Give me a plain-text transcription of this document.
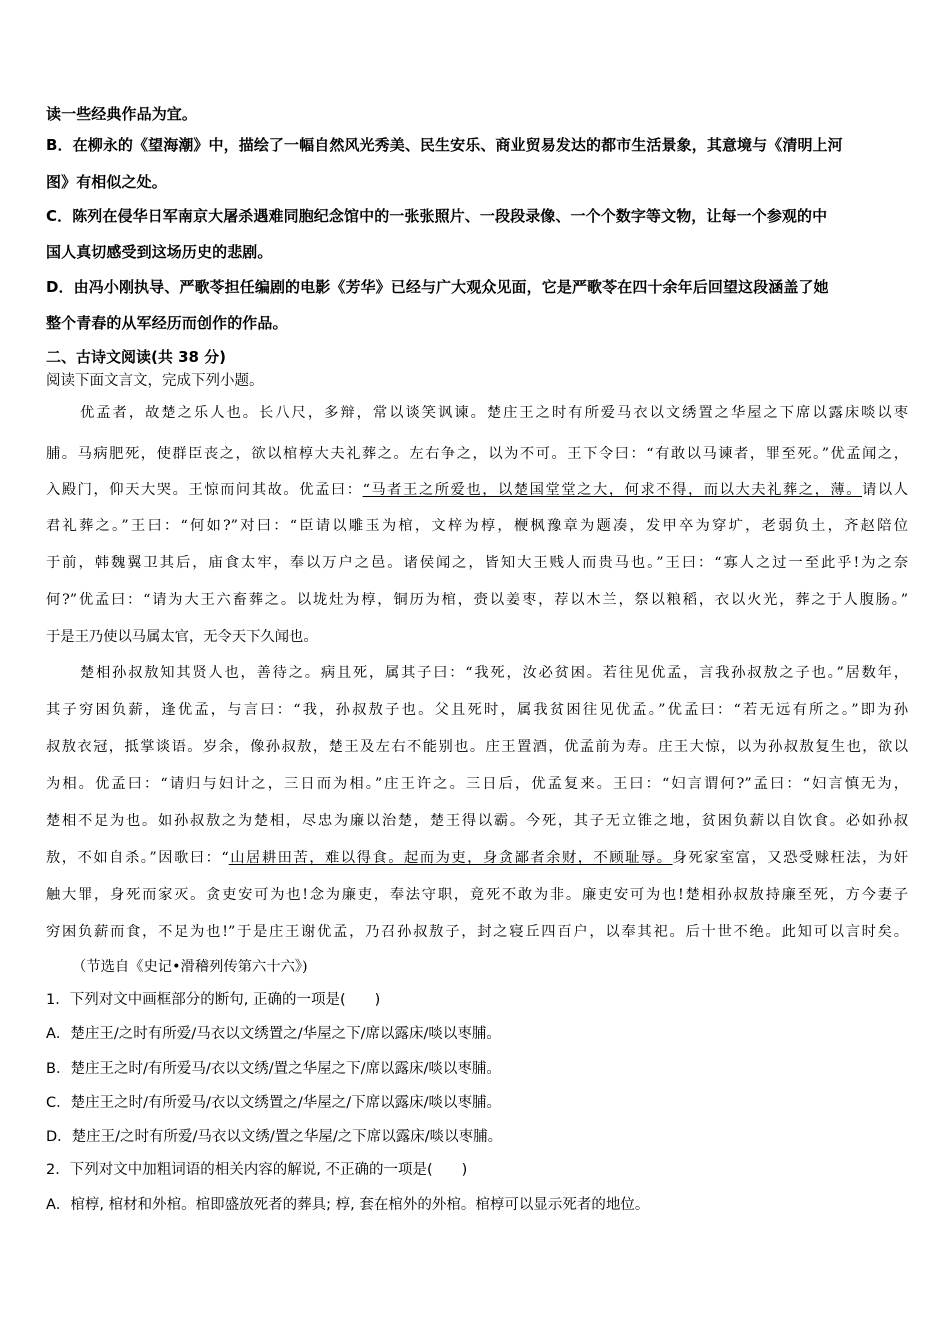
读一些经典作品为宜。
B．在柳永的《望海潮》中，描绘了一幅自然风光秀美、民生安乐、商业贸易发达的都市生活景象，其意境与《清明上河
图》有相似之处。
C．陈列在侵华日军南京大屠杀遇难同胞纪念馆中的一张张照片、一段段录像、一个个数字等文物，让每一个参观的中
国人真切感受到这场历史的悲剧。
D．由冯小刚执导、严歌苓担任编剧的电影《芳华》已经与广大观众见面，它是严歌苓在四十余年后回望这段涵盖了她
整个青春的从军经历而创作的作品。
二、古诗文阅读(共 38 分)
阅读下面文言文，完成下列小题。
优孟者，故楚之乐人也。长八尺，多辩，常以谈笑讽谏。楚庄王之时有所爱马衣以文绣置之华屋之下席以露床啖以枣
脯。马病肥死，使群臣丧之，欲以棺椁大夫礼葬之。左右争之，以为不可。王下令曰：“有敢以马谏者，罪至死。”优孟闻之，
入殿门，仰天大哭。王惊而问其故。优孟曰：“马者王之所爱也，以楚国堂堂之大，何求不得，而以大夫礼葬之，薄。请以人
君礼葬之。”王曰：“何如?”对曰：“臣请以雕玉为棺，文梓为椁，楩枫豫章为题凑，发甲卒为穿圹，老弱负土，齐赵陪位
于前，韩魏翼卫其后，庙食太牢，奉以万户之邑。诸侯闻之，皆知大王贱人而贵马也。”王曰：“寡人之过一至此乎!为之奈
何?”优孟曰：“请为大王六畜葬之。以垅灶为椁，铜历为棺，赍以姜枣，荐以木兰，祭以粮稻，衣以火光，葬之于人腹肠。”
于是王乃使以马属太官，无令天下久闻也。
楚相孙叔敖知其贤人也，善待之。病且死，属其子曰：“我死，汝必贫困。若往见优孟，言我孙叔敖之子也。”居数年，
其子穷困负薪，逢优孟，与言曰：“我，孙叔敖子也。父且死时，属我贫困往见优孟。”优孟曰：“若无远有所之。”即为孙
叔敖衣冠，抵掌谈语。岁余，像孙叔敖，楚王及左右不能别也。庄王置酒，优孟前为寿。庄王大惊，以为孙叔敖复生也，欲以
为相。优孟曰：“请归与妇计之，三日而为相。”庄王许之。三日后，优孟复来。王曰：“妇言谓何?”孟曰：“妇言慎无为，
楚相不足为也。如孙叔敖之为楚相，尽忠为廉以治楚，楚王得以霸。今死，其子无立锥之地，贫困负薪以自饮食。必如孙叔
敖，不如自杀。”因歌曰：“山居耕田苦，难以得食。起而为吏，身贪鄙者余财，不顾耻辱。身死家室富，又恐受赇枉法，为奸
触大罪，身死而家灭。贪吏安可为也!念为廉吏，奉法守职，竟死不敢为非。廉吏安可为也!楚相孙叔敖持廉至死，方今妻子
穷困负薪而食，不足为也!”于是庄王谢优孟，乃召孙叔敖子，封之寝丘四百户，以奉其祀。后十世不绝。此知可以言时矣。
（节选自《史记•滑稽列传第六十六》)
1．下列对文中画框部分的断句, 正确的一项是(　　)
A．楚庄王/之时有所爱/马衣以文绣置之/华屋之下/席以露床/啖以枣脯。
B．楚庄王之时/有所爱马/衣以文绣/置之华屋之下/席以露床/啖以枣脯。
C．楚庄王之时/有所爱马/衣以文绣置之/华屋之/下席以露床/啖以枣脯。
D．楚庄王/之时有所爱/马衣以文绣/置之华屋/之下席以露床/啖以枣脯。
2．下列对文中加粗词语的相关内容的解说, 不正确的一项是(　　)
A．棺椁, 棺材和外棺。棺即盛放死者的葬具; 椁, 套在棺外的外棺。棺椁可以显示死者的地位。
